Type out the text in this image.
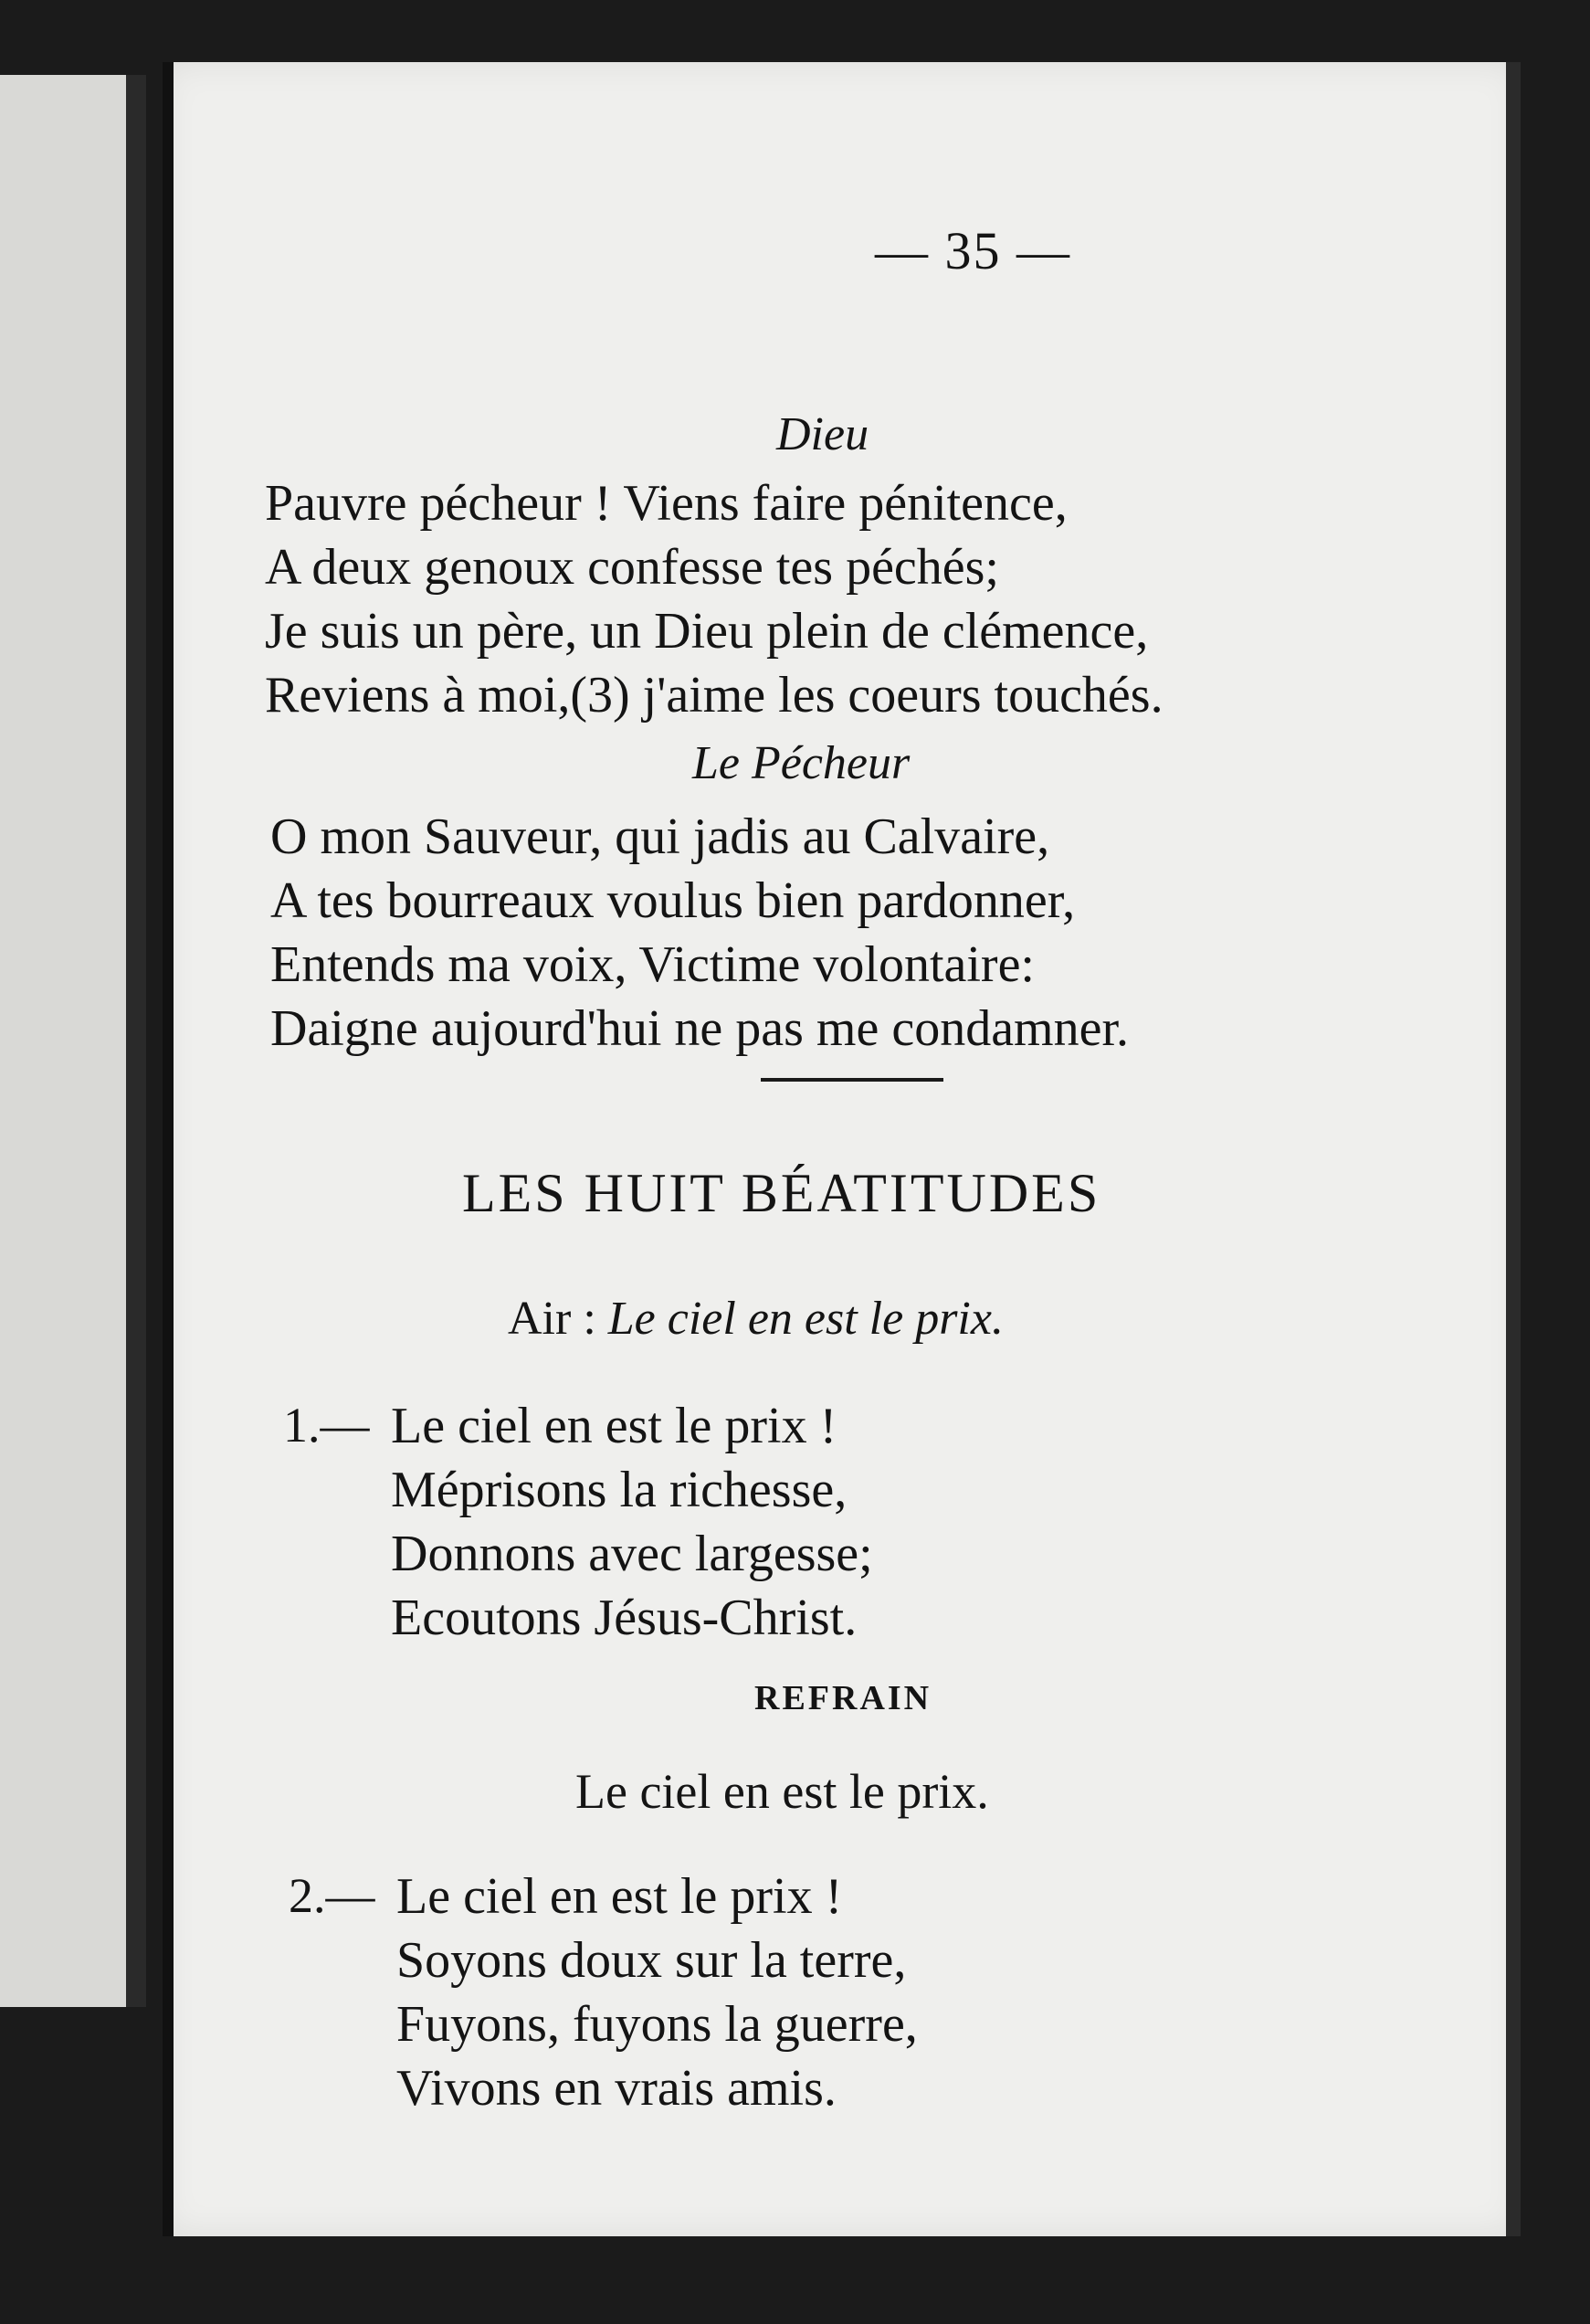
— 35 —
Dieu
Pauvre pécheur ! Viens faire pénitence,
A deux genoux confesse tes péchés;
Je suis un père, un Dieu plein de clémence,
Reviens à moi,(3) j'aime les coeurs touchés.
Le Pécheur
O mon Sauveur, qui jadis au Calvaire,
A tes bourreaux voulus bien pardonner,
Entends ma voix, Victime volontaire:
Daigne aujourd'hui ne pas me condamner.
LES HUIT BÉATITUDES
Air : Le ciel en est le prix.
1.— Le ciel en est le prix !
Méprisons la richesse,
Donnons avec largesse;
Ecoutons Jésus-Christ.
REFRAIN
Le ciel en est le prix.
2.— Le ciel en est le prix !
Soyons doux sur la terre,
Fuyons, fuyons la guerre,
Vivons en vrais amis.
